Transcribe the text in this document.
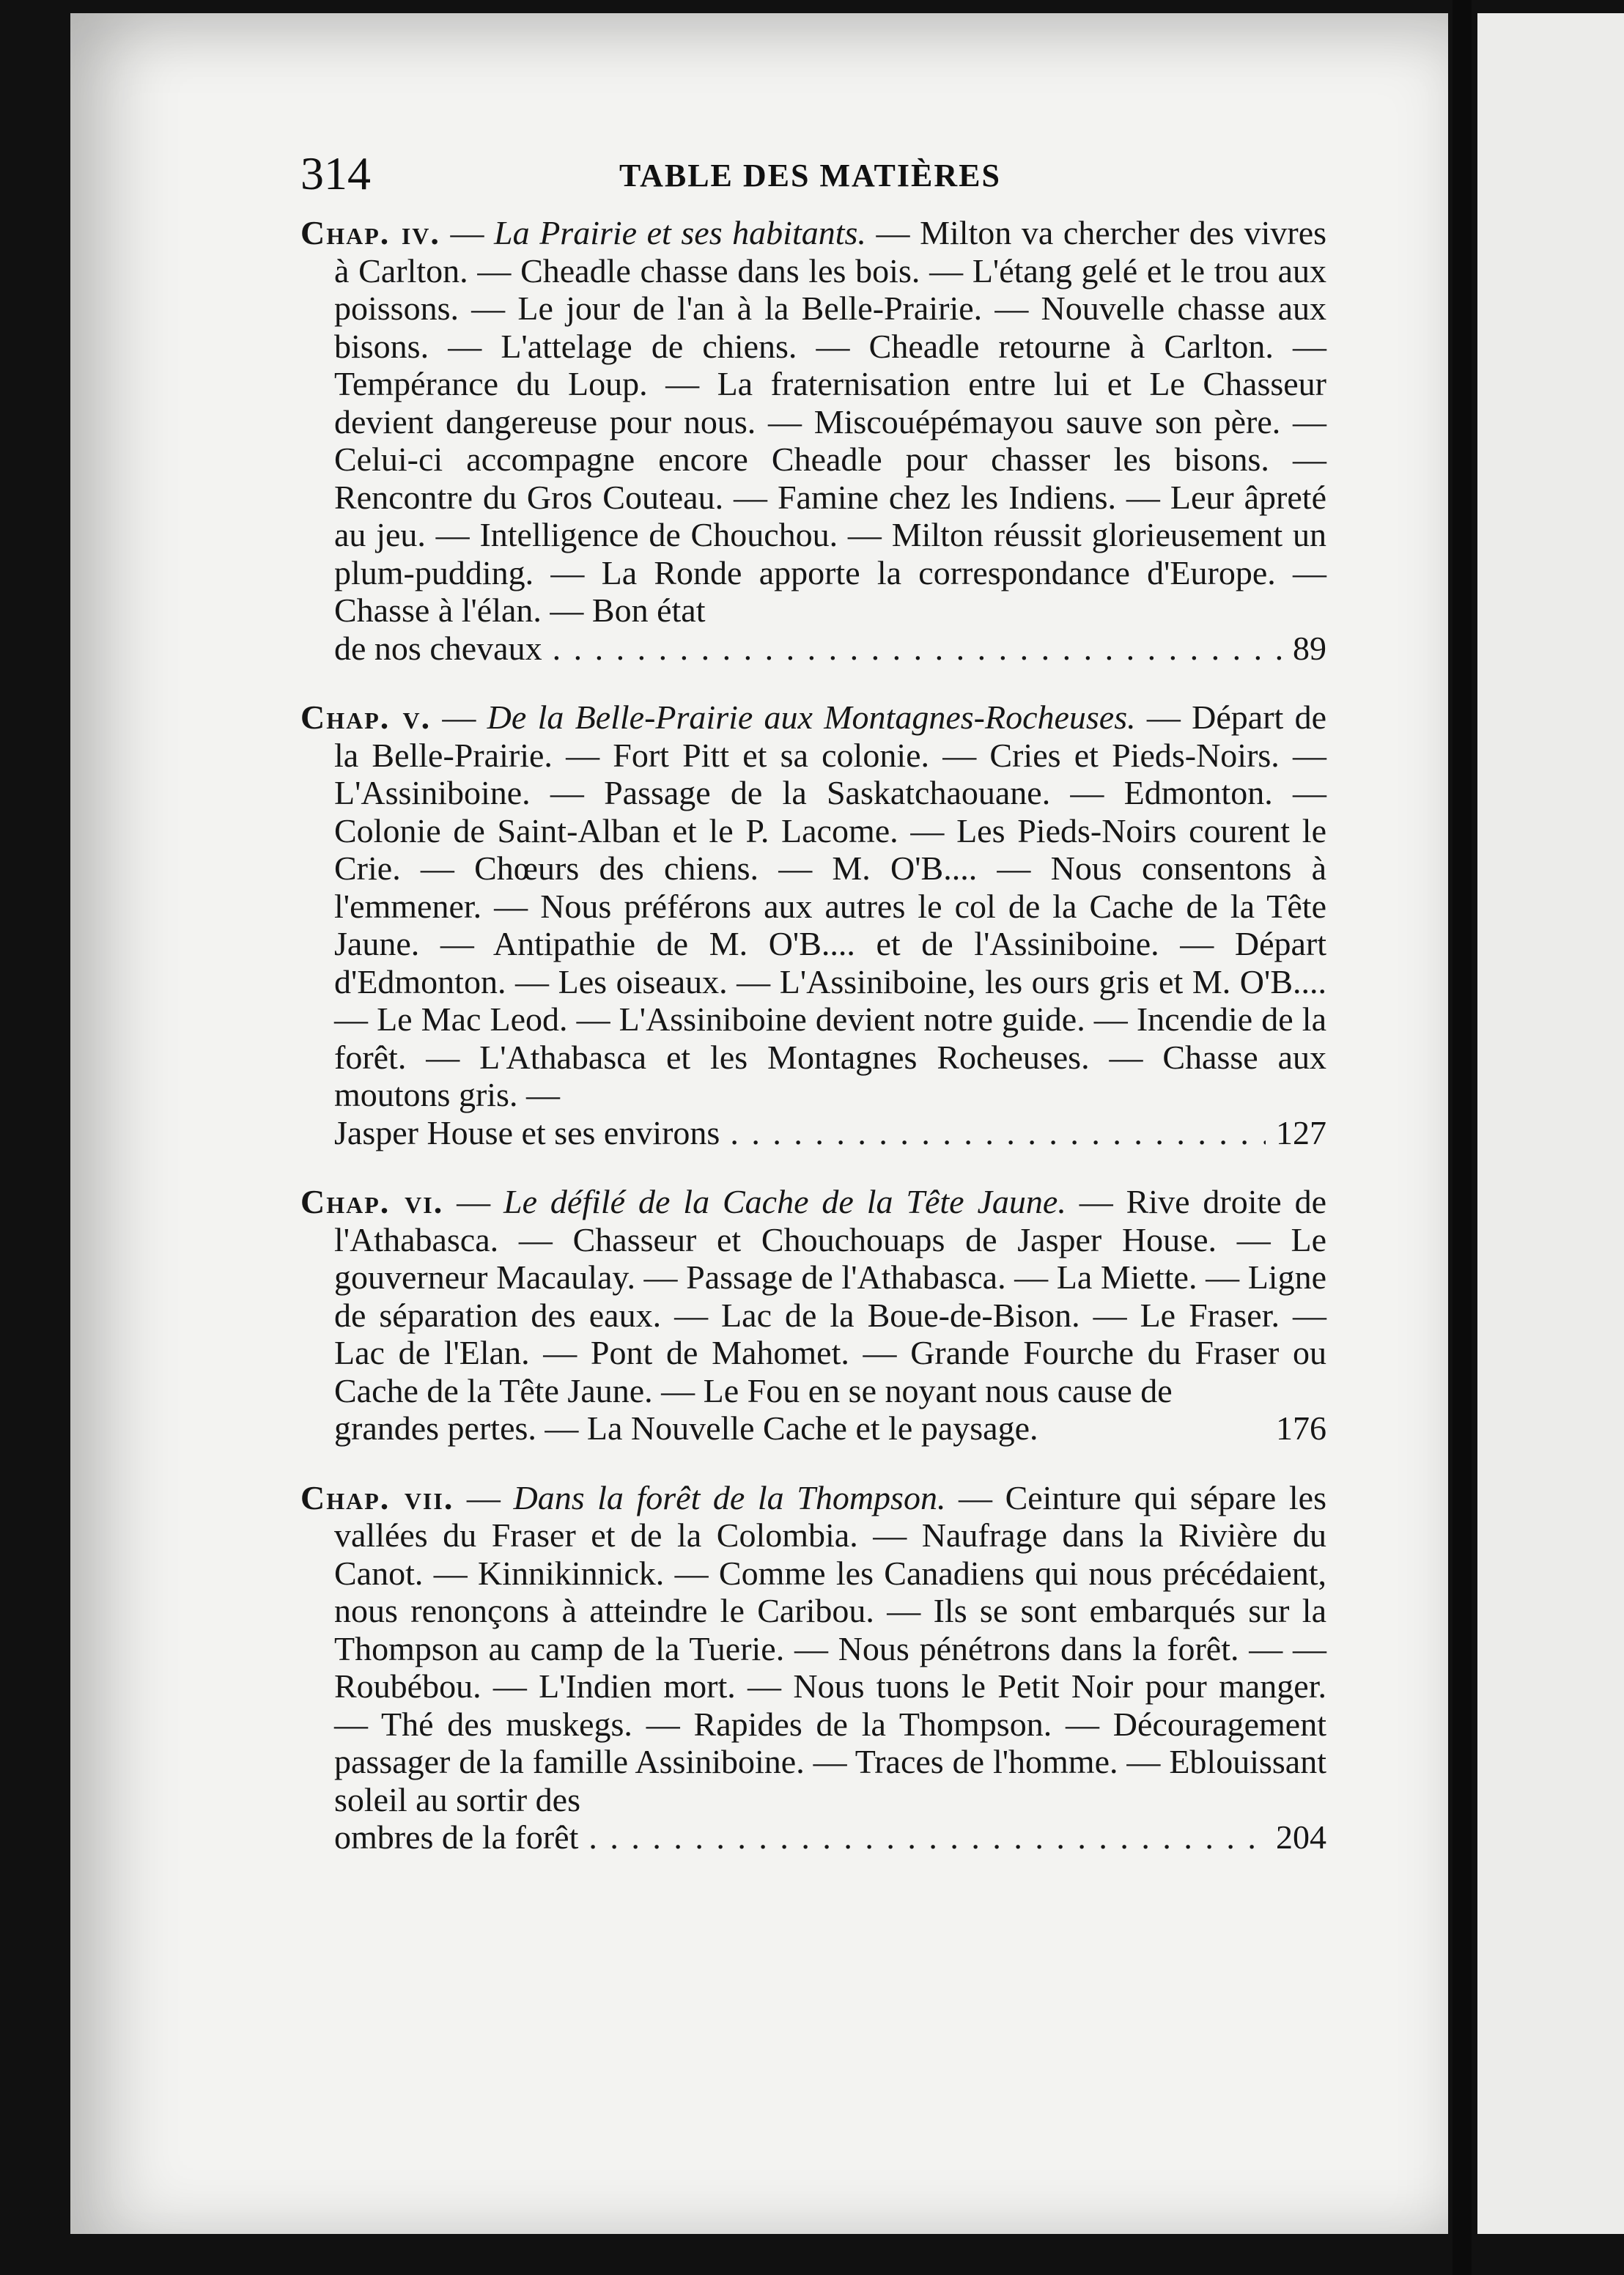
314	TABLE DES MATIÈRES
Chap. iv. — La Prairie et ses habitants. — Milton va chercher des vivres à Carlton. — Cheadle chasse dans les bois. — L'étang gelé et le trou aux poissons. — Le jour de l'an à la Belle-Prairie. — Nouvelle chasse aux bisons. — L'attelage de chiens. — Cheadle retourne à Carlton. — Tempérance du Loup. — La fraternisation entre lui et Le Chasseur devient dangereuse pour nous. — Miscouépémayou sauve son père. — Celui-ci accompagne encore Cheadle pour chasser les bisons. — Rencontre du Gros Couteau. — Famine chez les Indiens. — Leur âpreté au jeu. — Intelligence de Chouchou. — Milton réussit glorieusement un plum-pudding. — La Ronde apporte la correspondance d'Europe. — Chasse à l'élan. — Bon état
de nos chevaux . . .	89
Chap. v. — De la Belle-Prairie aux Montagnes-Rocheuses. — Départ de la Belle-Prairie. — Fort Pitt et sa colonie. — Cries et Pieds-Noirs. — L'Assiniboine. — Passage de la Saskatchaouane. — Edmonton. — Colonie de Saint-Alban et le P. Lacome. — Les Pieds-Noirs courent le Crie. — Chœurs des chiens. — M. O'B.... — Nous consentons à l'emmener. — Nous préférons aux autres le col de la Cache de la Tête Jaune. — Antipathie de M. O'B.... et de l'Assiniboine. — Départ d'Edmonton. — Les oiseaux. — L'Assiniboine, les ours gris et M. O'B.... — Le Mac Leod. — L'Assiniboine devient notre guide. — Incendie de la forêt. — L'Athabasca et les Montagnes Rocheuses. — Chasse aux moutons gris. —
Jasper House et ses environs . . .	127
Chap. vi. — Le défilé de la Cache de la Tête Jaune. — Rive droite de l'Athabasca. — Chasseur et Chouchouaps de Jasper House. — Le gouverneur Macaulay. — Passage de l'Athabasca. — La Miette. — Ligne de séparation des eaux. — Lac de la Boue-de-Bison. — Le Fraser. — Lac de l'Elan. — Pont de Mahomet. — Grande Fourche du Fraser ou Cache de la Tête Jaune. — Le Fou en se noyant nous cause de
grandes pertes. — La Nouvelle Cache et le paysage.	176
Chap. vii. — Dans la forêt de la Thompson. — Ceinture qui sépare les vallées du Fraser et de la Colombia. — Naufrage dans la Rivière du Canot. — Kinnikinnick. — Comme les Canadiens qui nous précédaient, nous renonçons à atteindre le Caribou. — Ils se sont embarqués sur la Thompson au camp de la Tuerie. — Nous pénétrons dans la forêt. — — Roubébou. — L'Indien mort. — Nous tuons le Petit Noir pour manger. — Thé des muskegs. — Rapides de la Thompson. — Découragement passager de la famille Assiniboine. — Traces de l'homme. — Eblouissant soleil au sortir des
ombres de la forêt . . .	204
